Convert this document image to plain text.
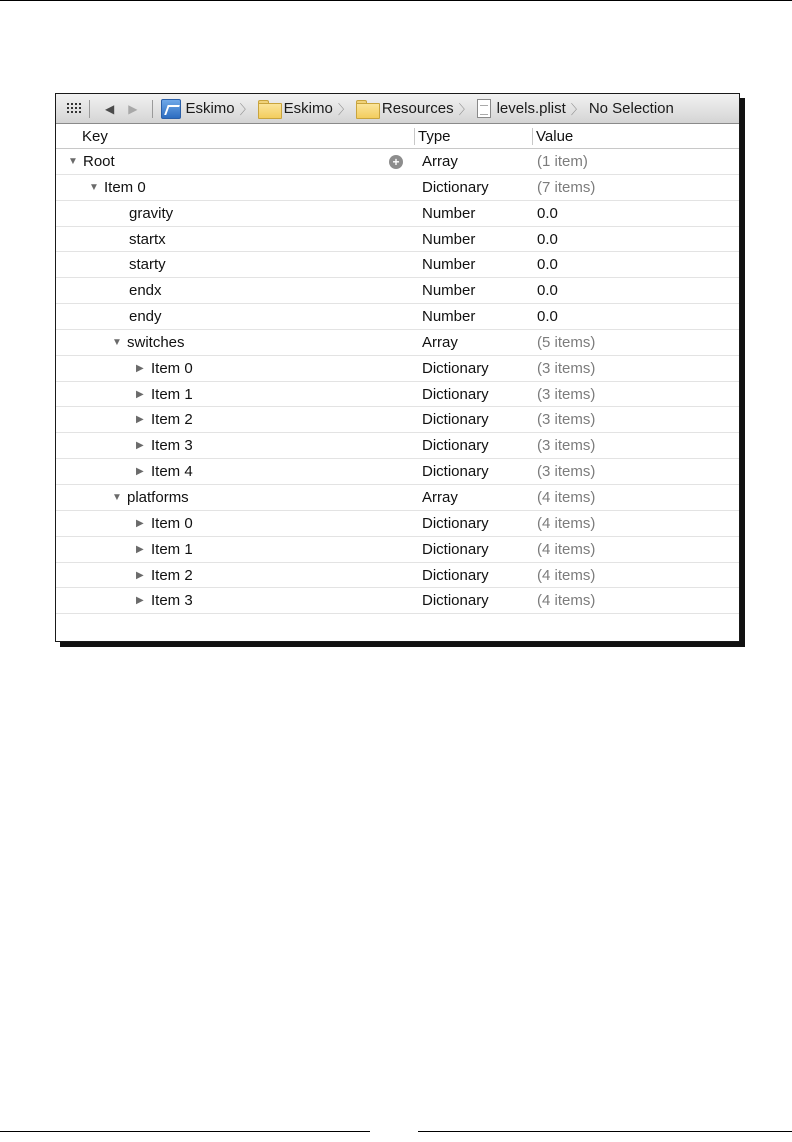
◀ ▶	Eskimo 〉 Eskimo 〉 Resources 〉 levels.plist 〉 No Selection
Key	Type	Value
▼ Root	+ Array	(1 item)
▼ Item 0	Dictionary	(7 items)
gravity	Number	0.0
startx	Number	0.0
starty	Number	0.0
endx	Number	0.0
endy	Number	0.0
▼ switches	Array	(5 items)
▶ Item 0	Dictionary	(3 items)
▶ Item 1	Dictionary	(3 items)
▶ Item 2	Dictionary	(3 items)
▶ Item 3	Dictionary	(3 items)
▶ Item 4	Dictionary	(3 items)
▼ platforms	Array	(4 items)
▶ Item 0	Dictionary	(4 items)
▶ Item 1	Dictionary	(4 items)
▶ Item 2	Dictionary	(4 items)
▶ Item 3	Dictionary	(4 items)
